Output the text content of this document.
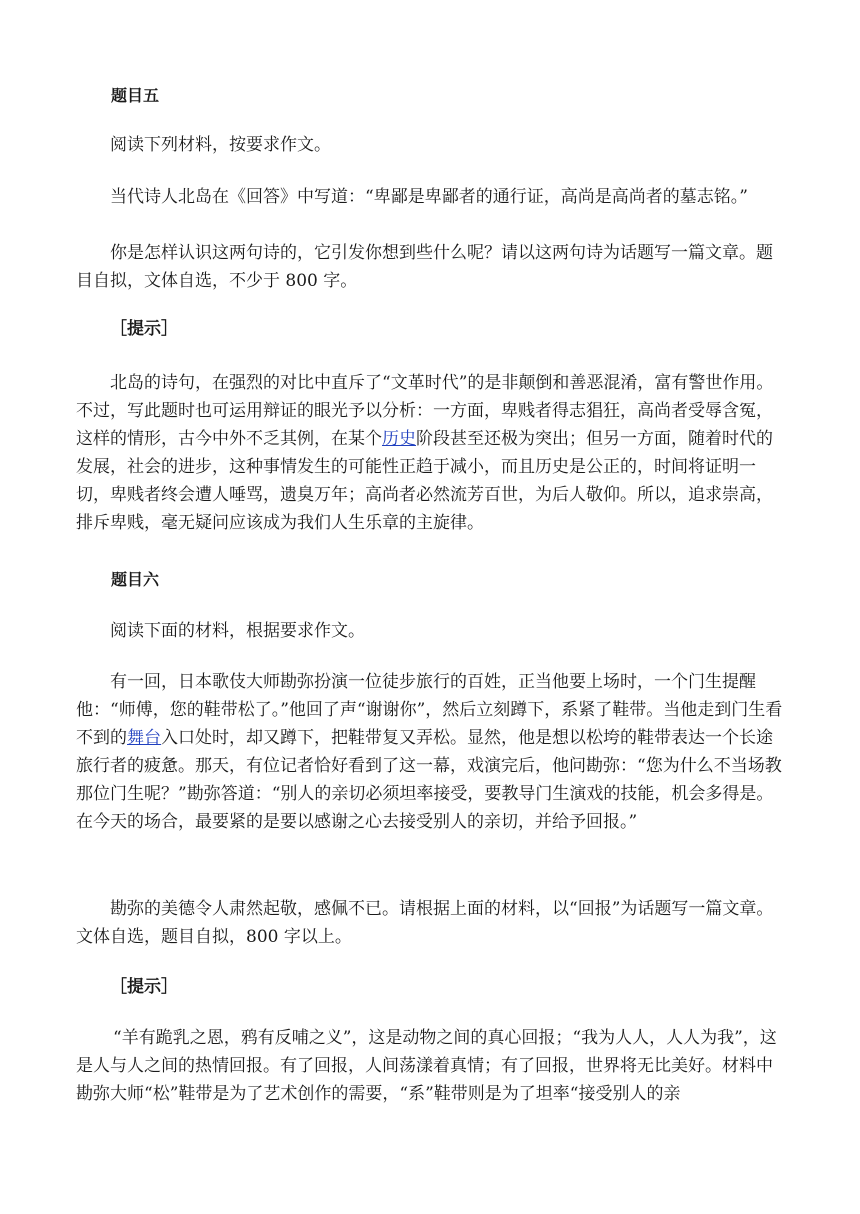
题目五

阅读下列材料，按要求作文。

当代诗人北岛在《回答》中写道：“卑鄙是卑鄙者的通行证，高尚是高尚者的墓志铭。”

你是怎样认识这两句诗的，它引发你想到些什么呢？请以这两句诗为话题写一篇文章。题目自拟，文体自选，不少于 800 字。

［提示］

北岛的诗句，在强烈的对比中直斥了“文革时代”的是非颠倒和善恶混淆，富有警世作用。不过，写此题时也可运用辩证的眼光予以分析：一方面，卑贱者得志猖狂，高尚者受辱含冤，这样的情形，古今中外不乏其例，在某个历史阶段甚至还极为突出；但另一方面，随着时代的发展，社会的进步，这种事情发生的可能性正趋于减小，而且历史是公正的，时间将证明一切，卑贱者终会遭人唾骂，遗臭万年；高尚者必然流芳百世，为后人敬仰。所以，追求崇高，排斥卑贱，毫无疑问应该成为我们人生乐章的主旋律。

题目六

阅读下面的材料，根据要求作文。

有一回，日本歌伎大师勘弥扮演一位徒步旅行的百姓，正当他要上场时，一个门生提醒他：“师傅，您的鞋带松了。”他回了声“谢谢你”，然后立刻蹲下，系紧了鞋带。当他走到门生看不到的舞台入口处时，却又蹲下，把鞋带复又弄松。显然，他是想以松垮的鞋带表达一个长途旅行者的疲惫。那天，有位记者恰好看到了这一幕，戏演完后，他问勘弥：“您为什么不当场教那位门生呢？”勘弥答道：“别人的亲切必须坦率接受，要教导门生演戏的技能，机会多得是。在今天的场合，最要紧的是要以感谢之心去接受别人的亲切，并给予回报。”

勘弥的美德令人肃然起敬，感佩不已。请根据上面的材料，以“回报”为话题写一篇文章。文体自选，题目自拟，800 字以上。

［提示］

“羊有跪乳之恩，鸦有反哺之义”，这是动物之间的真心回报；“我为人人，人人为我”，这是人与人之间的热情回报。有了回报，人间荡漾着真情；有了回报，世界将无比美好。材料中勘弥大师“松”鞋带是为了艺术创作的需要，“系”鞋带则是为了坦率“接受别人的亲
